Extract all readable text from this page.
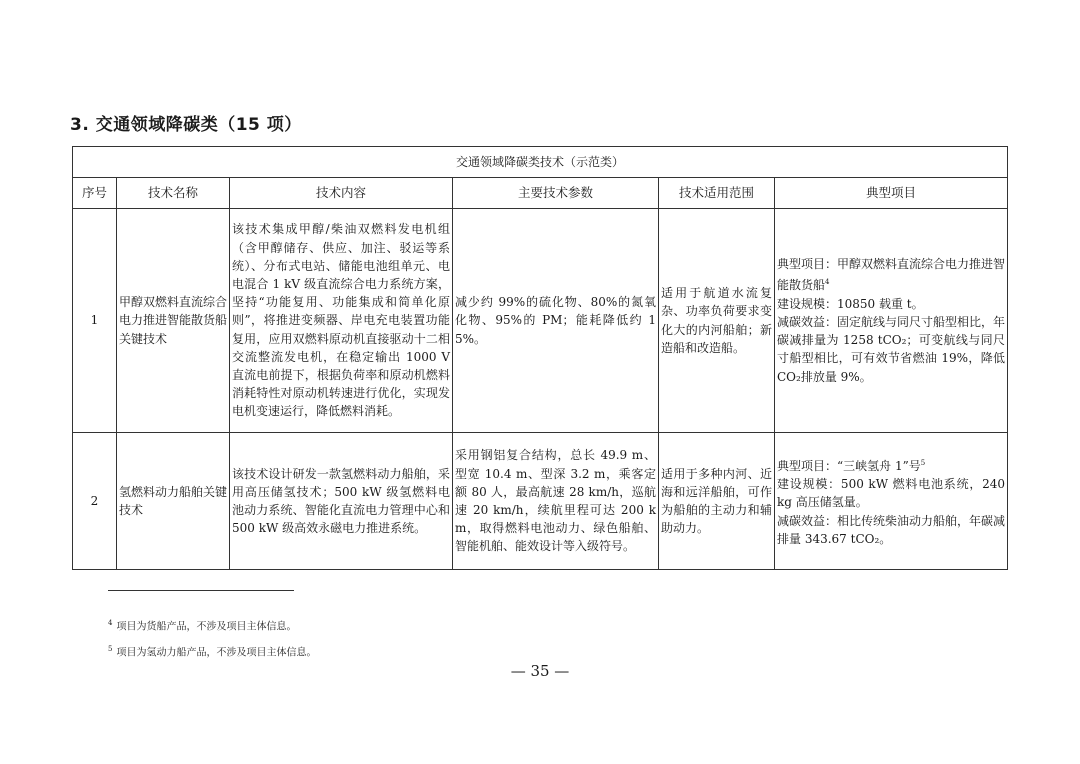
3. 交通领域降碳类（15 项）
交通领域降碳类技术（示范类）					
序号	技术名称	技术内容	主要技术参数	技术适用范围	典型项目
1	甲醇双燃料直流综合电力推进智能散货船关键技术	该技术集成甲醇/柴油双燃料发电机组（含甲醇储存、供应、加注、驳运等系统）、分布式电站、储能电池组单元、电电混合 1 kV 级直流综合电力系统方案，坚持“功能复用、功能集成和简单化原则”，将推进变频器、岸电充电装置功能复用，应用双燃料原动机直接驱动十二相交流整流发电机，在稳定输出 1000 V 直流电前提下，根据负荷率和原动机燃料消耗特性对原动机转速进行优化，实现发电机变速运行，降低燃料消耗。	减少约 99%的硫化物、80%的氮氧化物、95%的 PM；能耗降低约 15%。	适用于航道水流复杂、功率负荷要求变化大的内河船舶；新造船和改造船。	典型项目：甲醇双燃料直流综合电力推进智能散货船$^4$
建设规模：10850 载重 t。
减碳效益：固定航线与同尺寸船型相比，年碳减排量为 1258 tCO₂；可变航线与同尺寸船型相比，可有效节省燃油 19%，降低 CO₂排放量 9%。
2	氢燃料动力船舶关键技术	该技术设计研发一款氢燃料动力船舶，采用高压储氢技术；500 kW 级氢燃料电池动力系统、智能化直流电力管理中心和 500 kW 级高效永磁电力推进系统。	采用钢铝复合结构，总长 49.9 m、型宽 10.4 m、型深 3.2 m，乘客定额 80 人，最高航速 28 km/h，巡航速 20 km/h，续航里程可达 200 km，取得燃料电池动力、绿色船舶、智能机舶、能效设计等入级符号。	适用于多种内河、近海和远洋船舶，可作为船舶的主动力和辅助动力。	典型项目：“三峡氢舟 1”号$^5$
建设规模：500 kW 燃料电池系统，240 kg 高压储氢量。
减碳效益：相比传统柴油动力船舶，年碳减排量 343.67 tCO₂。
$^4$ 项目为货船产品，不涉及项目主体信息。
$^5$ 项目为氢动力船产品，不涉及项目主体信息。
— 35 —
